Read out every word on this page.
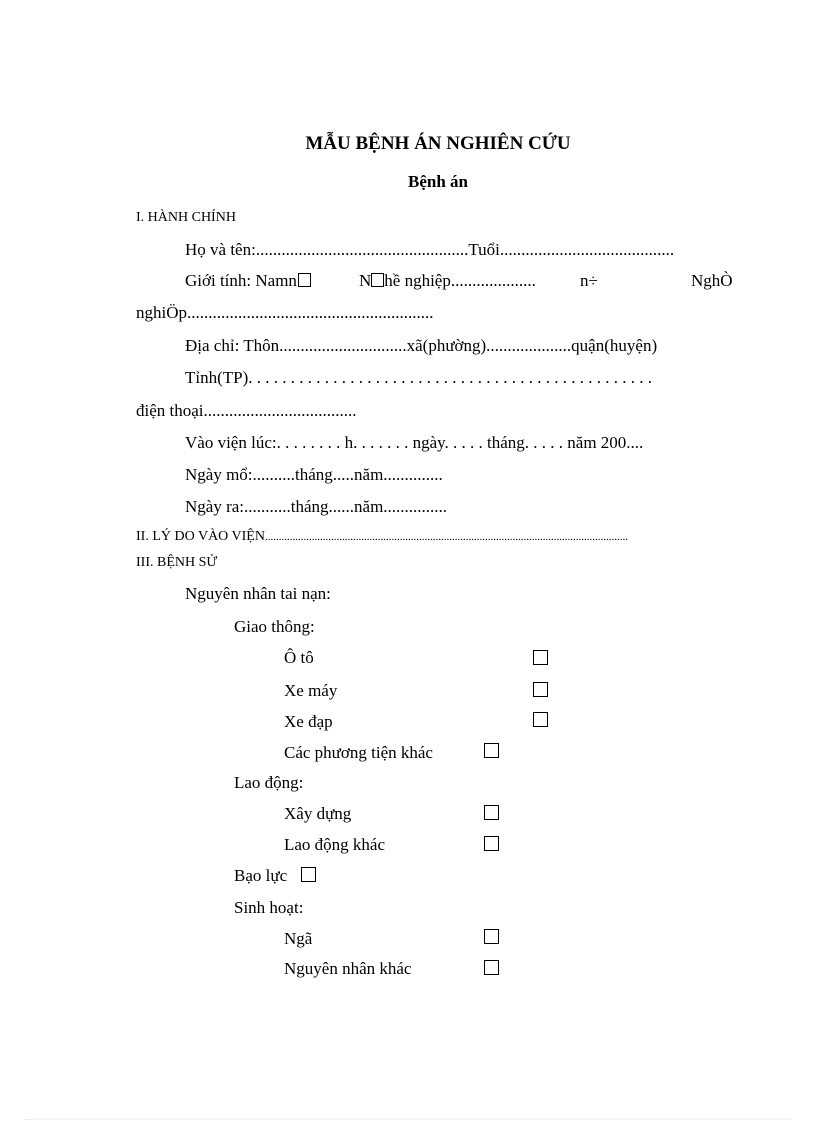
MẪU BỆNH ÁN NGHIÊN CỨU
Bệnh án
I. HÀNH CHÍNH
Họ và tên:..................................................Tuổi.........................................
Giới tính: Namn	N hề nghiệp....................	n÷	NghÒ
nghiÖp..........................................................
Địa chỉ: Thôn..............................xã(phường)....................quận(huyện)
Tỉnh(TP). . . . . . . . . . . . . . . . . . . . . . . . . . . . . . . . . . . . . . . . . . . . . . . .
điện thoại....................................
Vào viện lúc:. . . . . . . . h. . . . . . . ngày. . . . . tháng. . . . . năm 200....
Ngày mổ:..........tháng.....năm..............
Ngày ra:...........tháng......năm...............
II. LÝ DO VÀO VIỆN....................................................................................................................................
III. BỆNH SỬ
Nguyên nhân tai nạn:
Giao thông:
Ô tô
Xe máy
Xe đạp
Các phương tiện khác
Lao động:
Xây dựng
Lao động khác
Bạo lực
Sinh hoạt:
Ngã
Nguyên nhân khác
